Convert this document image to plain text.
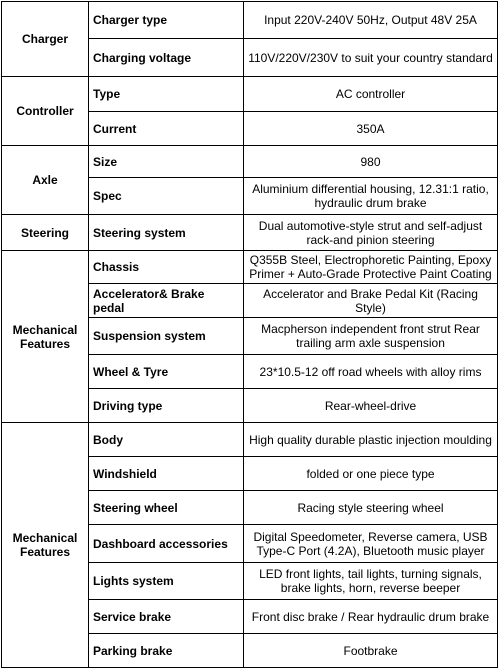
Charger	Charger type	Input 220V-240V 50Hz, Output 48V 25A
	Charging voltage	110V/220V/230V to suit your country standard
Controller	Type	AC controller
	Current	350A
Axle	Size	980
	Spec	Aluminium differential housing, 12.31:1 ratio, hydraulic drum brake
Steering	Steering system	Dual automotive-style strut and self-adjust rack-and pinion steering
Mechanical Features	Chassis	Q355B Steel, Electrophoretic Painting, Epoxy Primer + Auto-Grade Protective Paint Coating
	Accelerator& Brake pedal	Accelerator and Brake Pedal Kit (Racing Style)
	Suspension system	Macpherson independent front strut Rear trailing arm axle suspension
	Wheel & Tyre	23*10.5-12 off road wheels with alloy rims
	Driving type	Rear-wheel-drive
Mechanical Features	Body	High quality durable plastic injection moulding
	Windshield	folded or one piece type
	Steering wheel	Racing style steering wheel
	Dashboard accessories	Digital Speedometer, Reverse camera, USB Type-C Port (4.2A), Bluetooth music player
	Lights system	LED front lights, tail lights, turning signals, brake lights, horn, reverse beeper
	Service brake	Front disc brake / Rear hydraulic drum brake
	Parking brake	Footbrake
